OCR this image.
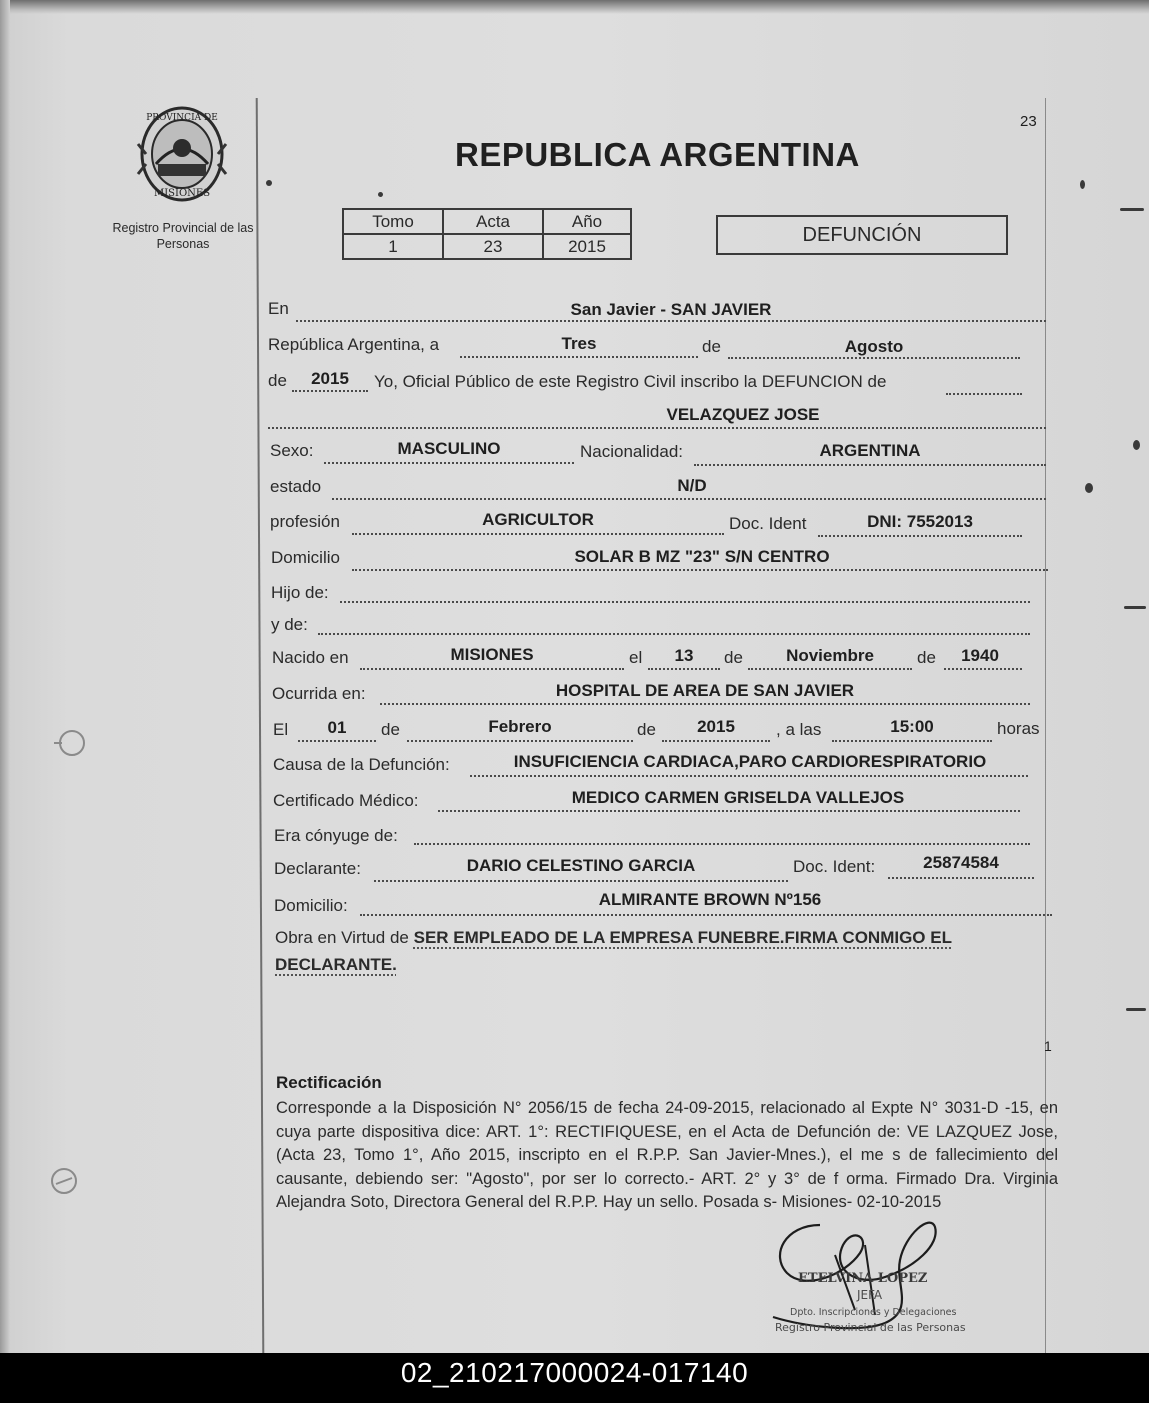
PROVINCIA DE
MISIONES
Registro Provincial de las Personas
REPUBLICA ARGENTINA
23
Tomo	Acta	Año
1	23	2015	DEFUNCIÓN
En	San Javier - SAN JAVIER
República Argentina, a	Tres	de	Agosto
de	2015	Yo, Oficial Público de este Registro Civil inscribo la DEFUNCION de
VELAZQUEZ JOSE
Sexo:	MASCULINO	Nacionalidad:	ARGENTINA
estado	N/D
profesión	AGRICULTOR	Doc. Ident	DNI: 7552013
Domicilio	SOLAR B MZ "23" S/N CENTRO
Hijo de:
y de:
Nacido en	MISIONES	el	13	de	Noviembre	de	1940
Ocurrida en:	HOSPITAL DE AREA DE SAN JAVIER
El	01	de	Febrero	de	2015	, a las	15:00	horas
Causa de la Defunción:	INSUFICIENCIA CARDIACA,PARO CARDIORESPIRATORIO
Certificado Médico:	MEDICO CARMEN GRISELDA VALLEJOS
Era cónyuge de:
Declarante:	DARIO CELESTINO GARCIA	Doc. Ident:	25874584
Domicilio:	ALMIRANTE BROWN Nº156
Obra en Virtud de SER EMPLEADO DE LA EMPRESA FUNEBRE.FIRMA CONMIGO EL
DECLARANTE.
1
Rectificación
Corresponde a la Disposición N° 2056/15 de fecha 24-09-2015, relacionado al Expte N° 3031-D -15, en cuya parte dispositiva dice: ART. 1°: RECTIFIQUESE, en el Acta de Defunción de: VE LAZQUEZ Jose, (Acta 23, Tomo 1°, Año 2015, inscripto en el R.P.P. San Javier-Mnes.), el me s de fallecimiento del causante, debiendo ser: "Agosto", por ser lo correcto.- ART. 2° y 3° de f orma. Firmado Dra. Virginia Alejandra Soto, Directora General del R.P.P. Hay un sello. Posada s- Misiones- 02-10-2015
ETELVINA LOPEZ
JEFA
Dpto. Inscripciones y Delegaciones
Registro Provincial de las Personas
02_210217000024-017140
